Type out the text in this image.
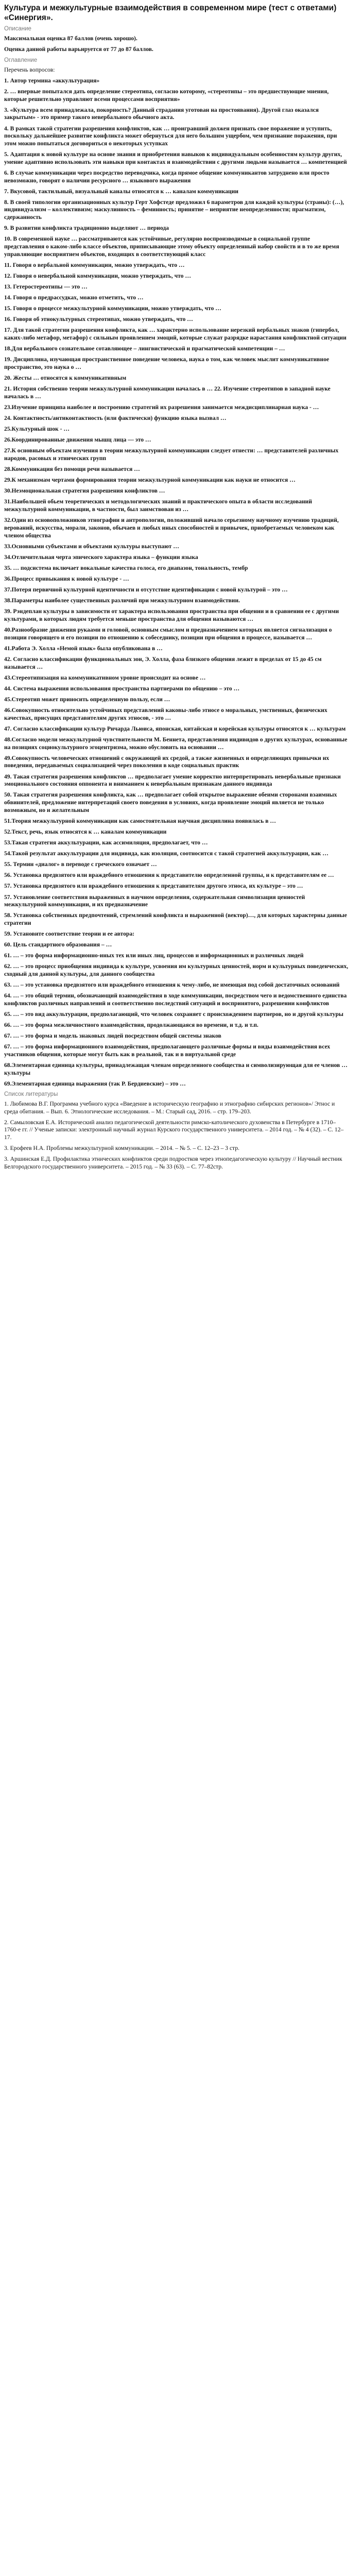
Культура и межкультурные взаимодействия в современном мире (тест с ответами) «Синергия».
Описание

Максимальная оценка 87 баллов (очень хорошо).

Оценка данной работы варьируется от 77 до 87 баллов.

Оглавление

Перечень вопросов:

1. Автор термина «аккультурация»

2. … впервые попытался дать определение стереотипа, согласно которому, «стереотипы – это предшествующие мнения, которые решительно управляют всеми процессами восприятия»

3. «Культура всем принадлежала, покорность? Данный страдания уготован на простоявания). Другой глаз оказался закрытым» - это пример такого невербального обычного акта.

4. В рамках такой стратегии разрешения конфликтов, как … проигравший должен признать свое поражение и уступить, поскольку дальнейшее развитие конфликта может обернуться для него большим ущербом, чем признание поражения, при этом можно попытаться договориться о некоторых уступках

5. Адаптация к новой культуре на основе знания и приобретения навыков к индивидуальным особенностям культур других, умение адаптивно использовать эти навыки при контактах и взаимодействии с другими людьми называется … компетенцией

6. В случае коммуникации через посредство переводчика, когда прямое общение коммуникантов затруднено или просто невозможно, говорят о наличии ресурсного … языкового выражения

7. Вкусовой, тактильный, визуальный каналы относятся к … каналам коммуникации

8. В своей типологии организационных культур Герт Хофстеде предложил 6 параметров для каждой культуры (страны): (…), индивидуализм – коллективизм; маскулинность – феминность; принятие – неприятие неопределенности; прагматизм, сдержанность

9. В развитии конфликта традиционно выделяют … периода

10. В современной науке … рассматриваются как устойчивые, регулярно воспроизводимые в социальной группе представления о каком-либо классе объектов, приписывающие этому объекту определенный набор свойств и в то же время управляющие восприятием объектов, входящих в соответствующий класс

11. Говоря о вербальной коммуникации, можно утверждать, что …

12. Говоря о невербальной коммуникации, можно утверждать, что …

13. Гетеростереотипы — это …

14. Говоря о предрассудках, можно отметить, что …

15. Говоря о процессе межкультурной коммуникации, можно утверждать, что …

16. Говоря об этнокультурных стереотипах, можно утверждать, что …

17. Для такой стратегии разрешения конфликта, как … характерно использование нерезкий вербальных знаков (гипербол, каких-либо метафор, метафор) с сильным проявлением эмоций, которые служат разрядке нарастания конфликтной ситуации

18.Для вербального сознательное сотавляющее – лингвистической и прагматической компетенции – …

19. Дисциплина, изучающая пространственное поведение человека, наука о том, как человек мыслит коммуникативное пространство, это наука о …

20. Жесты … относятся к коммуникативным

21. История собственно теории межкультурной коммуникации началась в … 22. Изучение стереотипов в западной науке началась в …

23.Изучение принципа наиболее и построению стратегий их разрешения занимается междисциплинарная наука - …

24. Контактность/антиконтактность (или фактически) функцию языка вызвал …

25.Культурный шок - …

26.Координированные движения мышц лица — это …

27.К основным объектам изучения в теории межкультурной коммуникации следует отнести: … представителей различных народов, расовых и этнических групп

28.Коммуникация без помощи речи называется …

29.К механизмам чертами формирования теории межкультурной коммуникации как науки не относится …

30.Неэмоциональная стратегия разрешения конфликтов …

31.Наибольшей обьем теоретических и методологических знаний и практического опыта в области исследований межкультурной коммуникации, в частности, был заимствован из …

32.Один из основоположников этнографии и антропологии, положивший начало серьезному научному изучению традиций, верований, искусства, морали, законов, обычаев и любых иных способностей и привычек, приобретаемых человеком как членом общества

33.Основными субъектами и объектами культуры выступают …

34.Отличительная черта эпического характера языка – функции языка

35. … подсистема включает вокальные качества голоса, его диапазон, тональность, тембр

36.Процесс привыкания к новой культуре - …

37.Потеря первичной культурной идентичности и отсутствие идентификации с новой культурой – это …

38.Параметры наиболее существенных различий при межкультурном взаимодействии.

39. Рэндеплан культуры в зависимости от характера использования пространства при общении и в сравнении ее с другими культурами, в которых людям требуется меньше пространства для общения называются …

40.Разнообразие движения рукаами и головой, основным смыслом и предназначением которых является сигнализация о позиции говорящего и его позиции по отношению к собеседнику, позиции при общения в процессе, называется …

41.Работа Э. Холла «Немой язык» была опубликована в …

42. Согласно классификации функциональных зон, Э. Холла, фаза близкого общения лежит в пределах от 15 до 45 см называется …

43.Стереотипизация на коммуникативном уровне происходит на основе …

44. Система выражения использования пространства партнерами по общению – это …

45.Стереотип может приносить определенную пользу, если …

46.Совокупность относительно устойчивых представлений каковы-либо этносе о моральных, умственных, физических качествах, присущих представителям других этносов, - это …

47. Согласно классификации культур Ричарда Льюиса, японская, китайская и корейская культуры относятся к … культурам

48.Согласно модели межкультурной чувствительности М. Беннета, представления индивидов о других культурах, основанные на позициях социокультурного эгоцентризма, можно обусловить на основании …

49.Совокупность человеческих отношений с окружающей их средой, а также жизненных и определяющих привычки их поведения, передаваемых социализацией через поколения в коде социальных практик

49. Такая стратегия разрешения конфликтов … предполагает умение корректно интерпретировать невербальные признаки эмоционального состояния оппонента и вниманием к невербальным признакам данного индивида

50. Такая стратегия разрешения конфликта, как … предполагает собой открытое выражение обеими сторонами взаимных обвинителей, предложение интерпретаций своего поведения в условиях, когда проявление эмоций является не только возможным, но и желательным

51.Теория межкультурной коммуникации как самостоятельная научная дисциплина появилась в …

52.Текст, речь, язык относятся к … каналам коммуникации

53.Такая стратегия аккультурации, как ассимиляция, предполагает, что …

54.Такой результат аккультурации для индивида, как изоляция, соотносится с такой стратегией аккультурации, как …

55. Термин «диалог» в переводе с греческого означает …

56. Установка предвзятого или враждебного отношения к представителю определенной группы, и к представителям ее …

57. Установка предвзятого или враждебного отношения к представителям другого этноса, их культуре – это …

57. Установление соответствия выраженных в научном определения, содержательная символизация ценностей межкультурной коммуникации, и их предназначение

58. Установка собственных предпочтений, стремлений конфликта и выраженной (вектор)…, для которых характерны данные стратегии

59. Установите соответствие теории и ее автора:

60. Цель стандартного образования – …

61. … – это форма информационно-иных тех или иных лиц, процессов и информационных и различных людей

62. … – это процесс приобщения индивида к культуре, усвоения им культурных ценностей, норм и культурных поведенческих, сходный для данной культуры, для данного сообщества

63. … – это установка предвзятого или враждебного отношения к чему-либо, не имеющая под собой достаточных оснований

64. … – это общий термин, обозначающий взаимодействия в ходе коммуникации, посредством чего и ведомственного единства конфликтов различных направлений и соответственно последствий ситуаций и воспринятого, разрешении конфликтов

65. … – это вид аккультурации, предполагающий, что человек сохраняет с происхождением партнеров, но и другой культуры

66. … – это форма межличностного взаимодействия, продолжающаяся во времени, и т.д. и т.п.

67. … – это форма и модель знаковых людей посредством общей системы знаков

67. … – это форма информационного взаимодействия, предполагающего различные формы и виды взаимодействия всех участников общения, которые могут быть как в реальной, так и в виртуальной среде

68.Элементарная единица культуры, принадлежащая членам определенного сообщества и символизирующая для ее членов … культуры

69.Элементарная единица выражения (так Р. Бердиевские) – это …

Список литературы

1. Любимова В.Г. Программа учебного курса «Введение в историческую географию и этнографию сибирских регионов»/ Этнос и среда обитания. – Вып. 6. Этнологические исследования. – М.: Старый сад, 2016. – стр. 179–203.

2. Самыловская Е.А. Исторический анализ педагогической деятельности римско-католического духовенства в Петербурге в 1710–1760-е гг. // Ученые записки: электронный научный журнал Курского государственного университета. – 2014 год. – № 4 (32). – С. 12–17.

3. Ерофеев Н.А. Проблемы межкультурной коммуникации. – 2014. – № 5. – С. 12–23 – 3 стр.

3. Аршинская Е.Д. Профилактика этнических конфликтов среди подростков через этнопедагогическую культуру // Научный вестник Белгородского государственного университета. – 2015 год. – № 33 (63). – С. 77–82стр.
